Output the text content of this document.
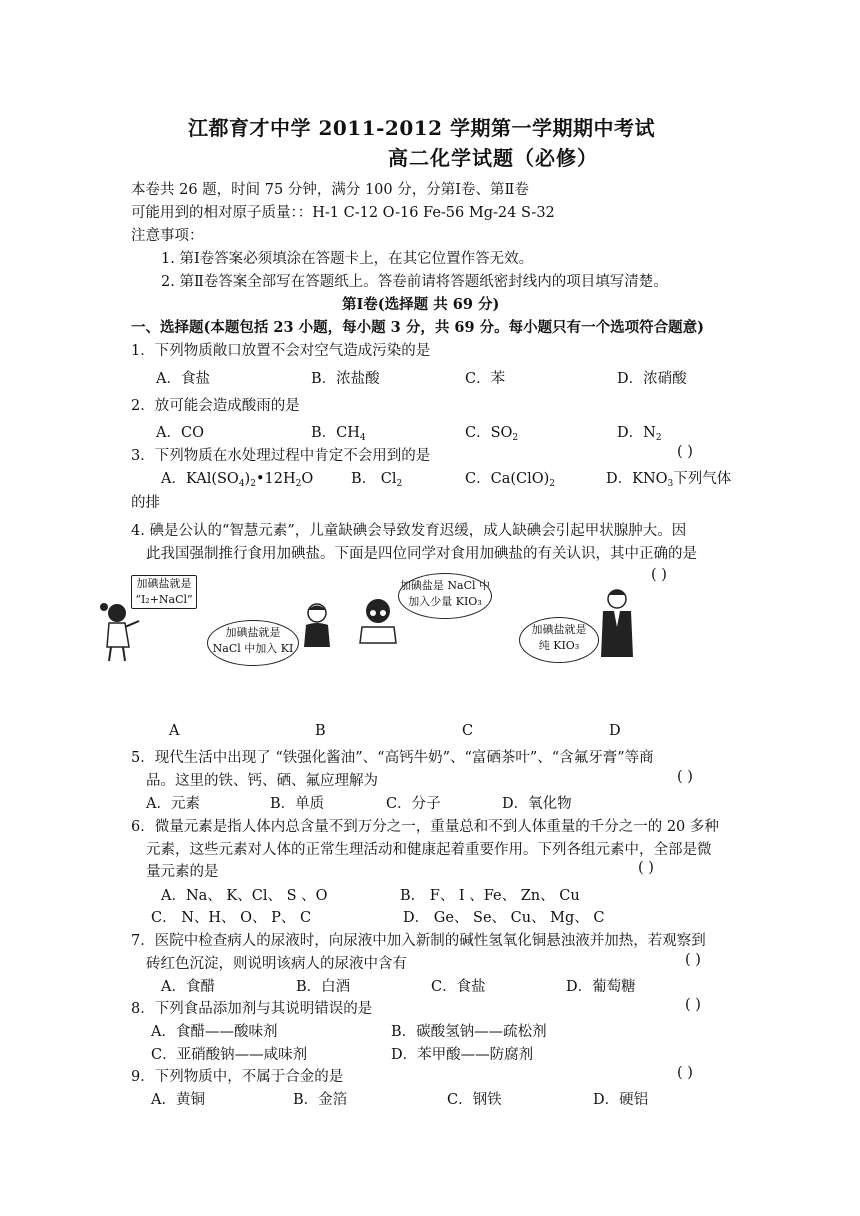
江都育才中学 2011-2012 学期第一学期期中考试
高二化学试题（必修）
本卷共 26 题，时间 75 分钟，满分 100 分，分第Ⅰ卷、第Ⅱ卷
可能用到的相对原子质量：：H-1 C-12 O-16 Fe-56 Mg-24 S-32
注意事项：
1. 第Ⅰ卷答案必须填涂在答题卡上，在其它位置作答无效。
2. 第Ⅱ卷答案全部写在答题纸上。答卷前请将答题纸密封线内的项目填写清楚。
第Ⅰ卷(选择题 共 69 分)
一、选择题(本题包括 23 小题，每小题 3 分，共 69 分。每小题只有一个选项符合题意)
1．下列物质敞口放置不会对空气造成污染的是
A．食盐	B．浓盐酸	C．苯	D．浓硝酸
2．放可能会造成酸雨的是
A．CO	B．$CH_4$	C．$SO_2$	D．$N_2$
3．下列物质在水处理过程中肯定不会用到的是	( )
A．$KAl(SO_4)_2•12H_2O$	B． $Cl_2$	C．$Ca(ClO)_2$	D．$KNO_3$下列气体
的排
4. 碘是公认的“智慧元素”，儿童缺碘会导致发育迟缓，成人缺碘会引起甲状腺肿大。因
此我国强制推行食用加碘盐。下面是四位同学对食用加碘盐的有关认识，其中正确的是
( )
加碘盐就是
“I₂+NaCl”
加碘盐就是
NaCl 中加入 KI
加碘盐是 NaCl 中
加入少量 KIO₃
加碘盐就是
纯 KIO₃
A	B	C	D
5．现代生活中出现了 “铁强化酱油”、“高钙牛奶”、“富硒茶叶”、“含氟牙膏”等商
品。这里的铁、钙、硒、氟应理解为	( )
A．元素	B．单质	C．分子	D．氧化物
6．微量元素是指人体内总含量不到万分之一，重量总和不到人体重量的千分之一的 20 多种
元素，这些元素对人体的正常生理活动和健康起着重要作用。下列各组元素中，全部是微
量元素的是	( )
A．Na、 K、Cl、 S 、O	B． F、 I 、Fe、 Zn、 Cu
C． N、H、 O、 P、 C	D． Ge、 Se、 Cu、 Mg、 C
7．医院中检查病人的尿液时，向尿液中加入新制的碱性氢氧化铜悬浊液并加热，若观察到
砖红色沉淀，则说明该病人的尿液中含有	( )
A．食醋	B．白酒	C．食盐	D．葡萄糖
8．下列食品添加剂与其说明错误的是	( )
A．食醋——酸味剂	B．碳酸氢钠——疏松剂
C．亚硝酸钠——咸味剂	D．苯甲酸——防腐剂
9．下列物质中，不属于合金的是	( )
A．黄铜	B．金箔	C．钢铁	D．硬铝
